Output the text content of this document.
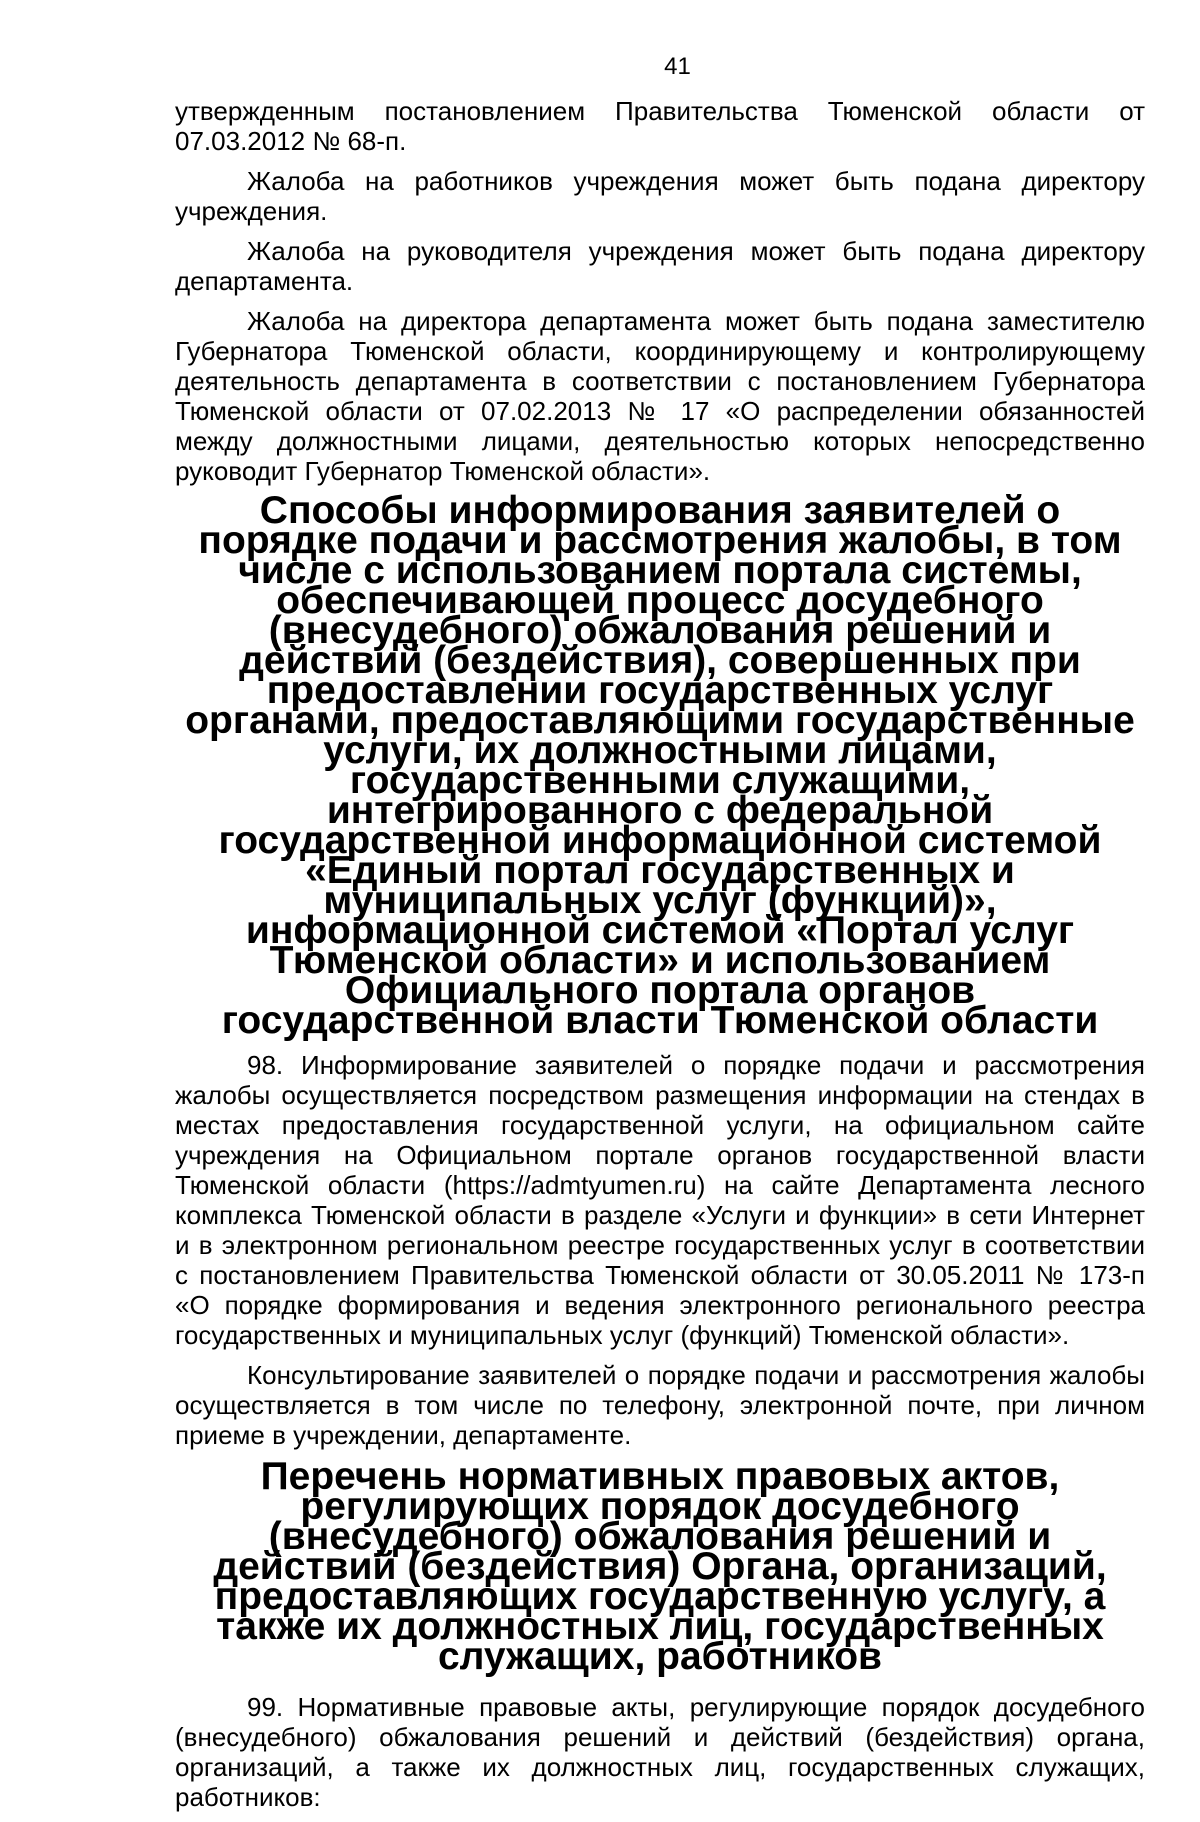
41

утвержденным постановлением Правительства Тюменской области от 07.03.2012 № 68-п.

Жалоба на работников учреждения может быть подана директору учреждения.

Жалоба на руководителя учреждения может быть подана директору департамента.

Жалоба на директора департамента может быть подана заместителю Губернатора Тюменской области, координирующему и контролирующему деятельность департамента в соответствии с постановлением Губернатора Тюменской области от 07.02.2013 № 17 «О распределении обязанностей между должностными лицами, деятельностью которых непосредственно руководит Губернатор Тюменской области».

Способы информирования заявителей о порядке подачи и рассмотрения жалобы, в том числе с использованием портала системы, обеспечивающей процесс досудебного (внесудебного) обжалования решений и действий (бездействия), совершенных при предоставлении государственных услуг органами, предоставляющими государственные услуги, их должностными лицами, государственными служащими, интегрированного с федеральной государственной информационной системой «Единый портал государственных и муниципальных услуг (функций)», информационной системой «Портал услуг Тюменской области» и использованием Официального портала органов государственной власти Тюменской области

98. Информирование заявителей о порядке подачи и рассмотрения жалобы осуществляется посредством размещения информации на стендах в местах предоставления государственной услуги, на официальном сайте учреждения на Официальном портале органов государственной власти Тюменской области (https://admtyumen.ru) на сайте Департамента лесного комплекса Тюменской области в разделе «Услуги и функции» в сети Интернет и в электронном региональном реестре государственных услуг в соответствии с постановлением Правительства Тюменской области от 30.05.2011 № 173-п «О порядке формирования и ведения электронного регионального реестра государственных и муниципальных услуг (функций) Тюменской области».

Консультирование заявителей о порядке подачи и рассмотрения жалобы осуществляется в том числе по телефону, электронной почте, при личном приеме в учреждении, департаменте.

Перечень нормативных правовых актов, регулирующих порядок досудебного (внесудебного) обжалования решений и действий (бездействия) Органа, организаций, предоставляющих государственную услугу, а также их должностных лиц, государственных служащих, работников

99. Нормативные правовые акты, регулирующие порядок досудебного (внесудебного) обжалования решений и действий (бездействия) органа, организаций, а также их должностных лиц, государственных служащих, работников:
